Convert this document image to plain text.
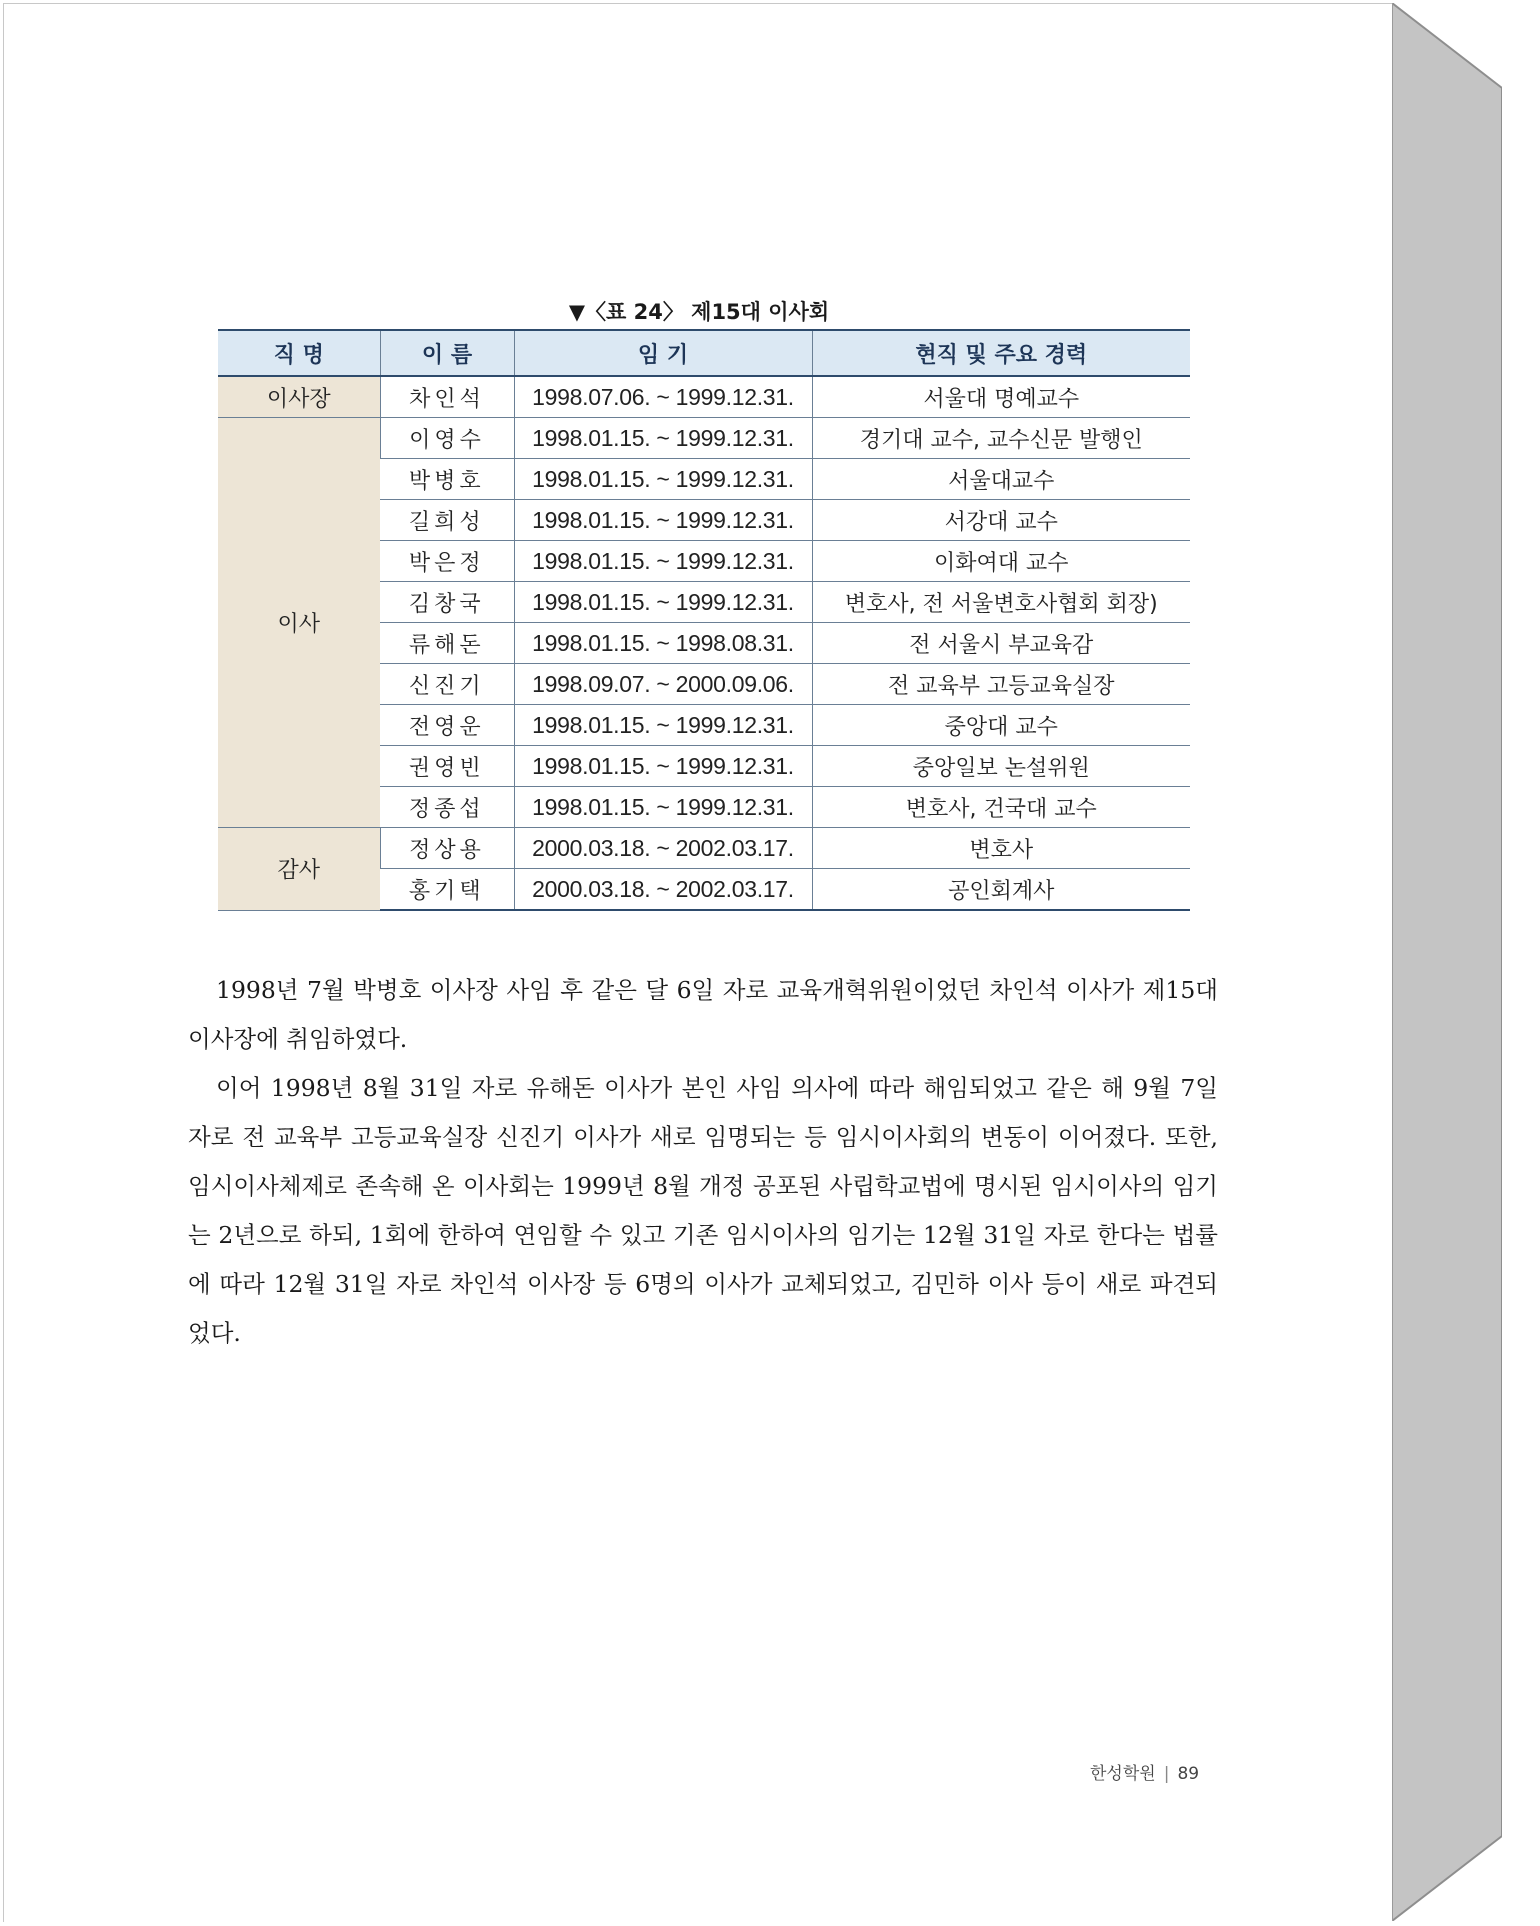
▼〈표 24〉 제15대 이사회
직 명	이 름	임 기	현직 및 주요 경력
이사장	차인석	1998.07.06. ~ 1999.12.31.	서울대 명예교수
이사	이영수	1998.01.15. ~ 1999.12.31.	경기대 교수, 교수신문 발행인
	박병호	1998.01.15. ~ 1999.12.31.	서울대교수
	길희성	1998.01.15. ~ 1999.12.31.	서강대 교수
	박은정	1998.01.15. ~ 1999.12.31.	이화여대 교수
	김창국	1998.01.15. ~ 1999.12.31.	변호사, 전 서울변호사협회 회장)
	류해돈	1998.01.15. ~ 1998.08.31.	전 서울시 부교육감
	신진기	1998.09.07. ~ 2000.09.06.	전 교육부 고등교육실장
	전영운	1998.01.15. ~ 1999.12.31.	중앙대 교수
	권영빈	1998.01.15. ~ 1999.12.31.	중앙일보 논설위원
	정종섭	1998.01.15. ~ 1999.12.31.	변호사, 건국대 교수
감사	정상용	2000.03.18. ~ 2002.03.17.	변호사
	홍기택	2000.03.18. ~ 2002.03.17.	공인회계사

1998년 7월 박병호 이사장 사임 후 같은 달 6일 자로 교육개혁위원이었던 차인석 이사가 제15대 이사장에 취임하였다.

이어 1998년 8월 31일 자로 유해돈 이사가 본인 사임 의사에 따라 해임되었고 같은 해 9월 7일 자로 전 교육부 고등교육실장 신진기 이사가 새로 임명되는 등 임시이사회의 변동이 이어졌다. 또한, 임시이사체제로 존속해 온 이사회는 1999년 8월 개정 공포된 사립학교법에 명시된 임시이사의 임기는 2년으로 하되, 1회에 한하여 연임할 수 있고 기존 임시이사의 임기는 12월 31일 자로 한다는 법률에 따라 12월 31일 자로 차인석 이사장 등 6명의 이사가 교체되었고, 김민하 이사 등이 새로 파견되었다.

한성학원 | 89
